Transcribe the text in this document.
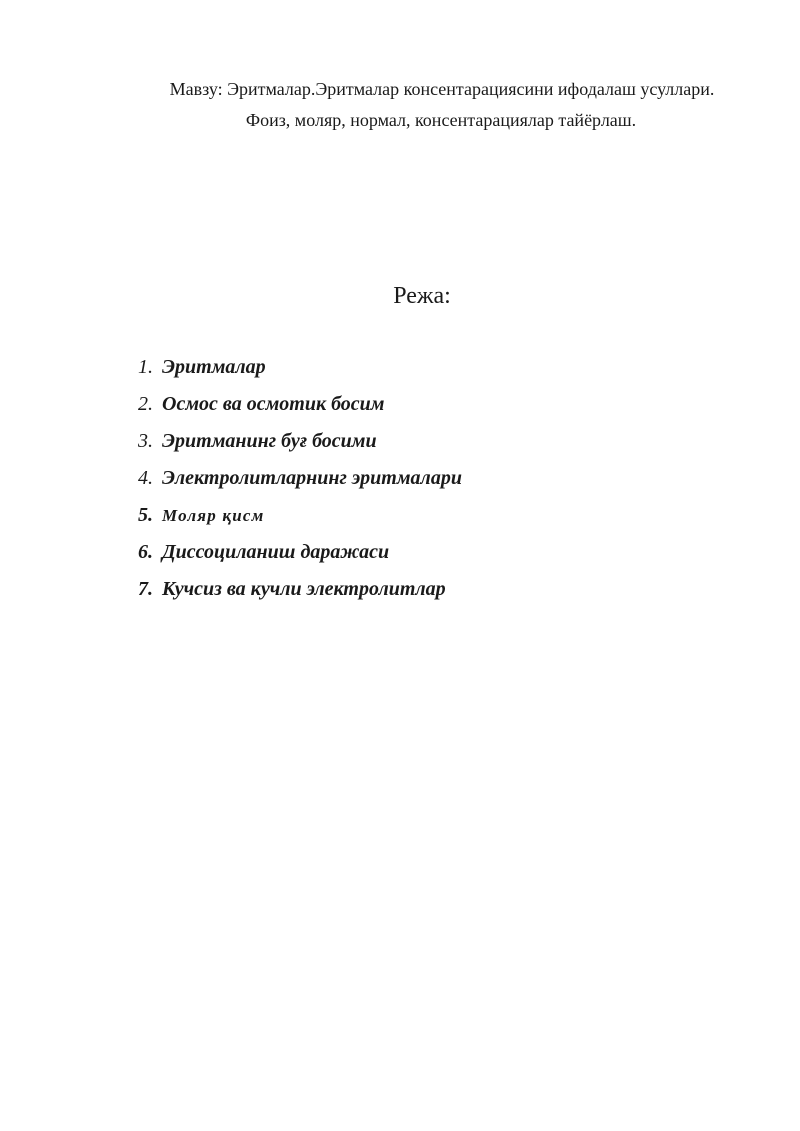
Мавзу: Эритмалар.Эритмалар консентарациясини ифодалаш усуллари.
Фоиз, моляр, нормал, консентарациялар тайёрлаш.
Режа:
1. Эритмалар
2. Осмос ва осмотик босим
3. Эритманинг буғ босими
4. Электролитларнинг эритмалари
5. Моляр қисм
6. Диссоциланиш даражаси
7. Кучсиз ва кучли электролитлар
